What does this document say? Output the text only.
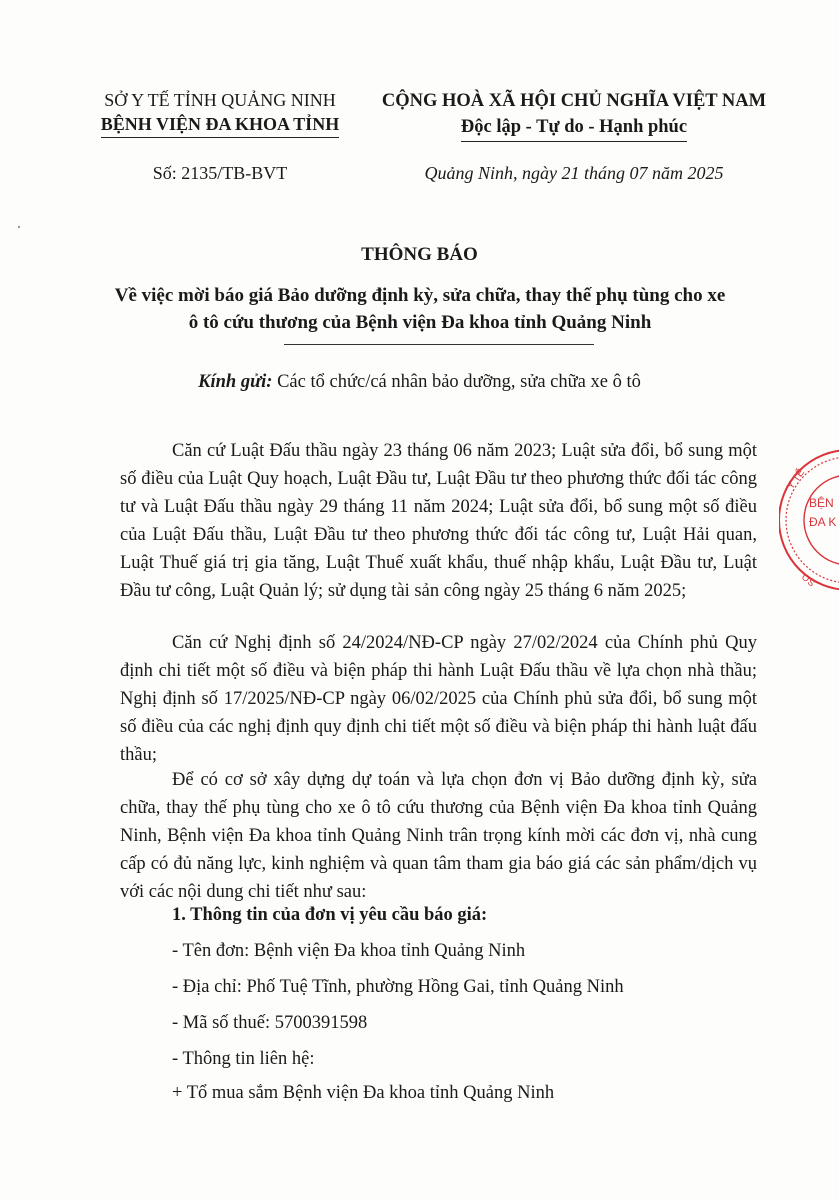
SỞ Y TẾ TỈNH QUẢNG NINH
BỆNH VIỆN ĐA KHOA TỈNH
CỘNG HOÀ XÃ HỘI CHỦ NGHĨA VIỆT NAM
Độc lập - Tự do - Hạnh phúc
Số: 2135/TB-BVT	Quảng Ninh, ngày 21 tháng 07 năm 2025
THÔNG BÁO
Về việc mời báo giá Bảo dưỡng định kỳ, sửa chữa, thay thế phụ tùng cho xe
ô tô cứu thương của Bệnh viện Đa khoa tỉnh Quảng Ninh
Kính gửi: Các tổ chức/cá nhân bảo dưỡng, sửa chữa xe ô tô
Căn cứ Luật Đấu thầu ngày 23 tháng 06 năm 2023; Luật sửa đổi, bổ sung một số điều của Luật Quy hoạch, Luật Đầu tư, Luật Đầu tư theo phương thức đối tác công tư và Luật Đấu thầu ngày 29 tháng 11 năm 2024; Luật sửa đổi, bổ sung một số điều của Luật Đấu thầu, Luật Đầu tư theo phương thức đối tác công tư, Luật Hải quan, Luật Thuế giá trị gia tăng, Luật Thuế xuất khẩu, thuế nhập khẩu, Luật Đầu tư, Luật Đầu tư công, Luật Quản lý; sử dụng tài sản công ngày 25 tháng 6 năm 2025;
Căn cứ Nghị định số 24/2024/NĐ-CP ngày 27/02/2024 của Chính phủ Quy định chi tiết một số điều và biện pháp thi hành Luật Đấu thầu về lựa chọn nhà thầu; Nghị định số 17/2025/NĐ-CP ngày 06/02/2025 của Chính phủ sửa đổi, bổ sung một số điều của các nghị định quy định chi tiết một số điều và biện pháp thi hành luật đấu thầu;
Để có cơ sở xây dựng dự toán và lựa chọn đơn vị Bảo dưỡng định kỳ, sửa chữa, thay thế phụ tùng cho xe ô tô cứu thương của Bệnh viện Đa khoa tỉnh Quảng Ninh, Bệnh viện Đa khoa tỉnh Quảng Ninh trân trọng kính mời các đơn vị, nhà cung cấp có đủ năng lực, kinh nghiệm và quan tâm tham gia báo giá các sản phẩm/dịch vụ với các nội dung chi tiết như sau:
1. Thông tin của đơn vị yêu cầu báo giá:
- Tên đơn: Bệnh viện Đa khoa tỉnh Quảng Ninh
- Địa chỉ: Phố Tuệ Tĩnh, phường Hồng Gai, tỉnh Quảng Ninh
- Mã số thuế: 5700391598
- Thông tin liên hệ:
+ Tổ mua sắm Bệnh viện Đa khoa tỉnh Quảng Ninh
Y TẾ
BỆN
ĐA K
ƠS
